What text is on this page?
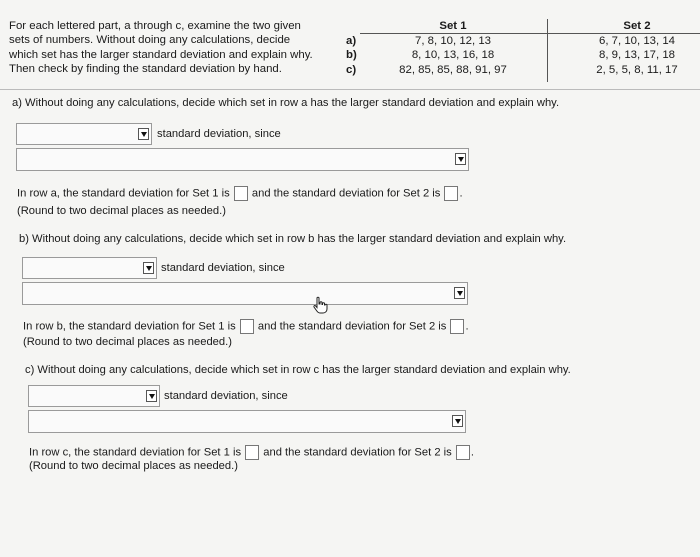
For each lettered part, a through c, examine the two given
sets of numbers. Without doing any calculations, decide
which set has the larger standard deviation and explain why.
Then check by finding the standard deviation by hand.
a)
b)
c)
Set 1
7, 8, 10, 12, 13
8, 10, 13, 16, 18
82, 85, 85, 88, 91, 97
Set 2
6, 7, 10, 13, 14
8, 9, 13, 17, 18
2, 5, 5, 8, 11, 17
a) Without doing any calculations, decide which set in row a has the larger standard deviation and explain why.
standard deviation, since
In row a, the standard deviation for Set 1 is and the standard deviation for Set 2 is .
(Round to two decimal places as needed.)
b) Without doing any calculations, decide which set in row b has the larger standard deviation and explain why.
standard deviation, since
In row b, the standard deviation for Set 1 is and the standard deviation for Set 2 is .
(Round to two decimal places as needed.)
c) Without doing any calculations, decide which set in row c has the larger standard deviation and explain why.
standard deviation, since
In row c, the standard deviation for Set 1 is and the standard deviation for Set 2 is .
(Round to two decimal places as needed.)
